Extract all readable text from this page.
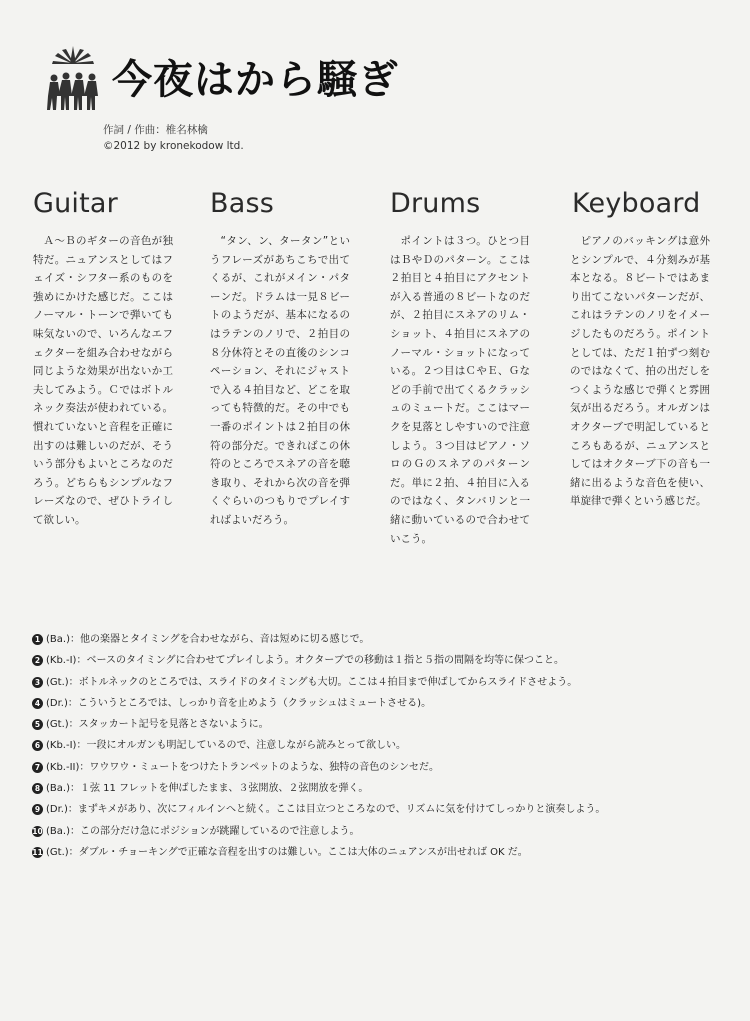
今夜はから騒ぎ
作詞 / 作曲：椎名林檎
©2012 by kronekodow ltd.
Guitar	Bass	Drums	Keyboard

Ａ～Ｂのギターの音色が独特だ。ニュアンスとしてはフェイズ・シフター系のものを強めにかけた感じだ。ここはノーマル・トーンで弾いても味気ないので、いろんなエフェクターを組み合わせながら同じような効果が出ないか工夫してみよう。Ｃではボトルネック奏法が使われている。慣れていないと音程を正確に出すのは難しいのだが、そういう部分もよいところなのだろう。どちらもシンプルなフレーズなので、ぜひトライして欲しい。

“タン、ン、タータン”というフレーズがあちこちで出てくるが、これがメイン・パターンだ。ドラムは一見８ビートのようだが、基本になるのはラテンのノリで、２拍目の８分休符とその直後のシンコペーション、それにジャストで入る４拍目など、どこを取っても特徴的だ。その中でも一番のポイントは２拍目の休符の部分だ。できればこの休符のところでスネアの音を聴き取り、それから次の音を弾くぐらいのつもりでプレイすればよいだろう。

ポイントは３つ。ひとつ目はＢやＤのパターン。ここは２拍目と４拍目にアクセントが入る普通の８ビートなのだが、２拍目にスネアのリム・ショット、４拍目にスネアのノーマル・ショットになっている。２つ目はＣやＥ、Ｇなどの手前で出てくるクラッシュのミュートだ。ここはマークを見落としやすいので注意しよう。３つ目はピアノ・ソロのＧのスネアのパターンだ。単に２拍、４拍目に入るのではなく、タンバリンと一緒に動いているので合わせていこう。

ピアノのバッキングは意外とシンプルで、４分刻みが基本となる。８ビートではあまり出てこないパターンだが、これはラテンのノリをイメージしたものだろう。ポイントとしては、ただ１拍ずつ刻むのではなくて、拍の出だしをつくような感じで弾くと雰囲気が出るだろう。オルガンはオクターブで明記しているところもあるが、ニュアンスとしてはオクターブ下の音も一緒に出るような音色を使い、単旋律で弾くという感じだ。

1 (Ba.)：他の楽器とタイミングを合わせながら、音は短めに切る感じで。
2 (Kb.-I)：ベースのタイミングに合わせてプレイしよう。オクターブでの移動は１指と５指の間隔を均等に保つこと。
3 (Gt.)：ボトルネックのところでは、スライドのタイミングも大切。ここは４拍目まで伸ばしてからスライドさせよう。
4 (Dr.)：こういうところでは、しっかり音を止めよう（クラッシュはミュートさせる)。
5 (Gt.)：スタッカート記号を見落とさないように。
6 (Kb.-I)：一段にオルガンも明記しているので、注意しながら読みとって欲しい。
7 (Kb.-II)：ワウワウ・ミュートをつけたトランペットのような、独特の音色のシンセだ。
8 (Ba.)：１弦 11 フレットを伸ばしたまま、３弦開放、２弦開放を弾く。
9 (Dr.)：まずキメがあり、次にフィルインへと続く。ここは目立つところなので、リズムに気を付けてしっかりと演奏しよう。
10 (Ba.)：この部分だけ急にポジションが跳躍しているので注意しよう。
11 (Gt.)：ダブル・チョーキングで正確な音程を出すのは難しい。ここは大体のニュアンスが出せれば OK だ。
